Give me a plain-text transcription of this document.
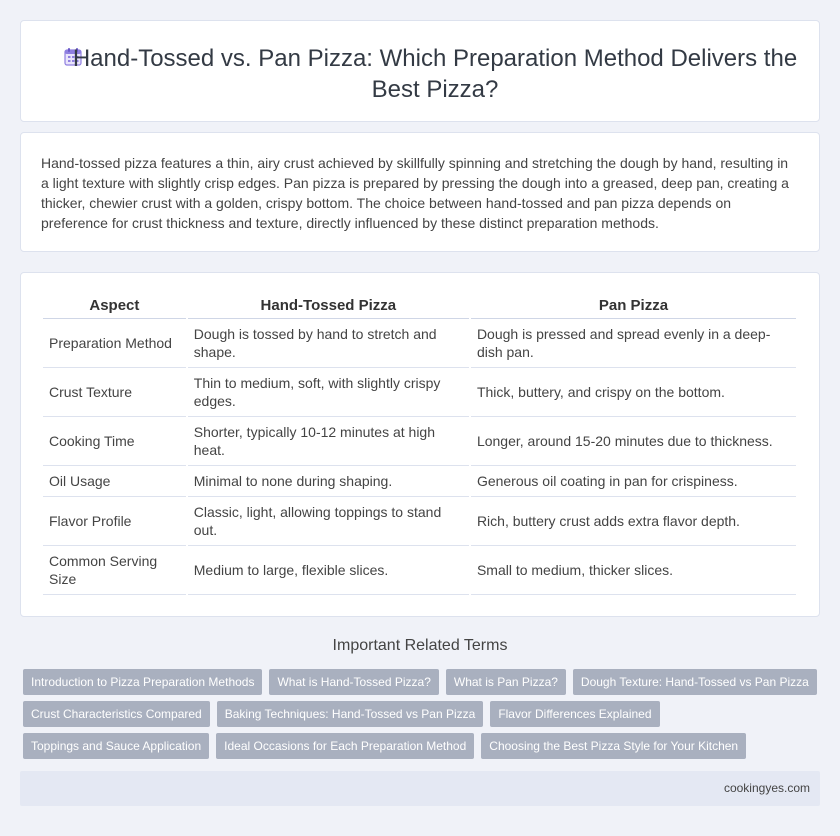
Hand-Tossed vs. Pan Pizza: Which Preparation Method Delivers the Best Pizza?

Hand-tossed pizza features a thin, airy crust achieved by skillfully spinning and stretching the dough by hand, resulting in a light texture with slightly crisp edges. Pan pizza is prepared by pressing the dough into a greased, deep pan, creating a thicker, chewier crust with a golden, crispy bottom. The choice between hand-tossed and pan pizza depends on preference for crust thickness and texture, directly influenced by these distinct preparation methods.

Aspect	Hand-Tossed Pizza	Pan Pizza
Preparation Method	Dough is tossed by hand to stretch and shape.	Dough is pressed and spread evenly in a deep-dish pan.
Crust Texture	Thin to medium, soft, with slightly crispy edges.	Thick, buttery, and crispy on the bottom.
Cooking Time	Shorter, typically 10-12 minutes at high heat.	Longer, around 15-20 minutes due to thickness.
Oil Usage	Minimal to none during shaping.	Generous oil coating in pan for crispiness.
Flavor Profile	Classic, light, allowing toppings to stand out.	Rich, buttery crust adds extra flavor depth.
Common Serving Size	Medium to large, flexible slices.	Small to medium, thicker slices.
Important Related Terms
Introduction to Pizza Preparation Methods	What is Hand-Tossed Pizza?	What is Pan Pizza?	Dough Texture: Hand-Tossed vs Pan Pizza
Crust Characteristics Compared	Baking Techniques: Hand-Tossed vs Pan Pizza	Flavor Differences Explained
Toppings and Sauce Application	Ideal Occasions for Each Preparation Method	Choosing the Best Pizza Style for Your Kitchen
cookingyes.com
